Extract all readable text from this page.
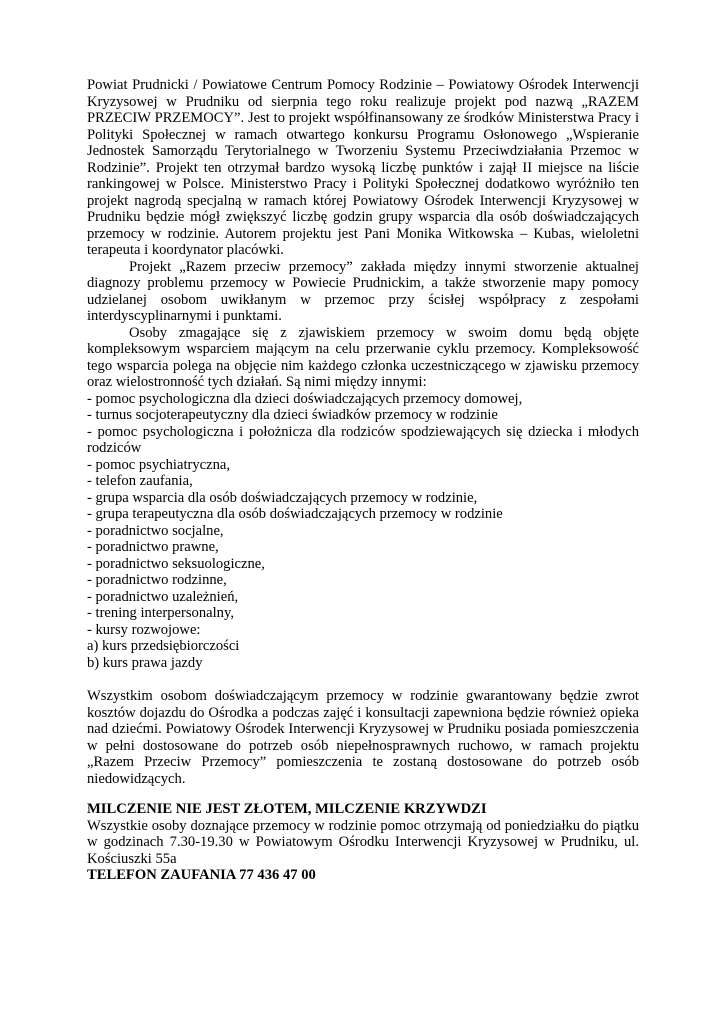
Powiat Prudnicki / Powiatowe Centrum Pomocy Rodzinie – Powiatowy Ośrodek Interwencji Kryzysowej w Prudniku od sierpnia tego roku realizuje projekt pod nazwą „RAZEM PRZECIW PRZEMOCY”. Jest to projekt współfinansowany ze środków Ministerstwa Pracy i Polityki Społecznej w ramach otwartego konkursu Programu Osłonowego „Wspieranie Jednostek Samorządu Terytorialnego w Tworzeniu Systemu Przeciwdziałania Przemoc w Rodzinie”. Projekt ten otrzymał bardzo wysoką liczbę punktów i zajął II miejsce na liście rankingowej w Polsce. Ministerstwo Pracy i Polityki Społecznej dodatkowo wyróżniło ten projekt nagrodą specjalną w ramach której Powiatowy Ośrodek Interwencji Kryzysowej w Prudniku będzie mógł zwiększyć liczbę godzin grupy wsparcia dla osób doświadczających przemocy w rodzinie. Autorem projektu jest Pani Monika Witkowska – Kubas, wieloletni terapeuta i koordynator placówki.

Projekt „Razem przeciw przemocy” zakłada między innymi stworzenie aktualnej diagnozy problemu przemocy w Powiecie Prudnickim, a także stworzenie mapy pomocy udzielanej osobom uwikłanym w przemoc przy ścisłej współpracy z zespołami interdyscyplinarnymi i punktami.

Osoby zmagające się z zjawiskiem przemocy w swoim domu będą objęte kompleksowym wsparciem mającym na celu przerwanie cyklu przemocy. Kompleksowość tego wsparcia polega na objęcie nim każdego członka uczestniczącego w zjawisku przemocy oraz wielostronność tych działań. Są nimi między innymi:

- pomoc psychologiczna dla dzieci doświadczających przemocy domowej,

- turnus socjoterapeutyczny dla dzieci świadków przemocy w rodzinie

- pomoc psychologiczna i położnicza dla rodziców spodziewających się dziecka i młodych rodziców

- pomoc psychiatryczna,

- telefon zaufania,

- grupa wsparcia dla osób doświadczających przemocy w rodzinie,

- grupa terapeutyczna dla osób doświadczających przemocy w rodzinie

- poradnictwo socjalne,

- poradnictwo prawne,

- poradnictwo seksuologiczne,

- poradnictwo rodzinne,

- poradnictwo uzależnień,

- trening interpersonalny,

- kursy rozwojowe:

a) kurs przedsiębiorczości

b) kurs prawa jazdy

Wszystkim osobom doświadczającym przemocy w rodzinie gwarantowany będzie zwrot kosztów dojazdu do Ośrodka a podczas zajęć i konsultacji zapewniona będzie również opieka nad dziećmi. Powiatowy Ośrodek Interwencji Kryzysowej w Prudniku posiada pomieszczenia w pełni dostosowane do potrzeb osób niepełnosprawnych ruchowo, w ramach projektu „Razem Przeciw Przemocy” pomieszczenia te zostaną dostosowane do potrzeb osób niedowidzących.

MILCZENIE NIE JEST ZŁOTEM, MILCZENIE KRZYWDZI

Wszystkie osoby doznające przemocy w rodzinie pomoc otrzymają od poniedziałku do piątku w godzinach 7.30-19.30 w Powiatowym Ośrodku Interwencji Kryzysowej w Prudniku, ul. Kościuszki 55a

TELEFON ZAUFANIA 77 436 47 00
